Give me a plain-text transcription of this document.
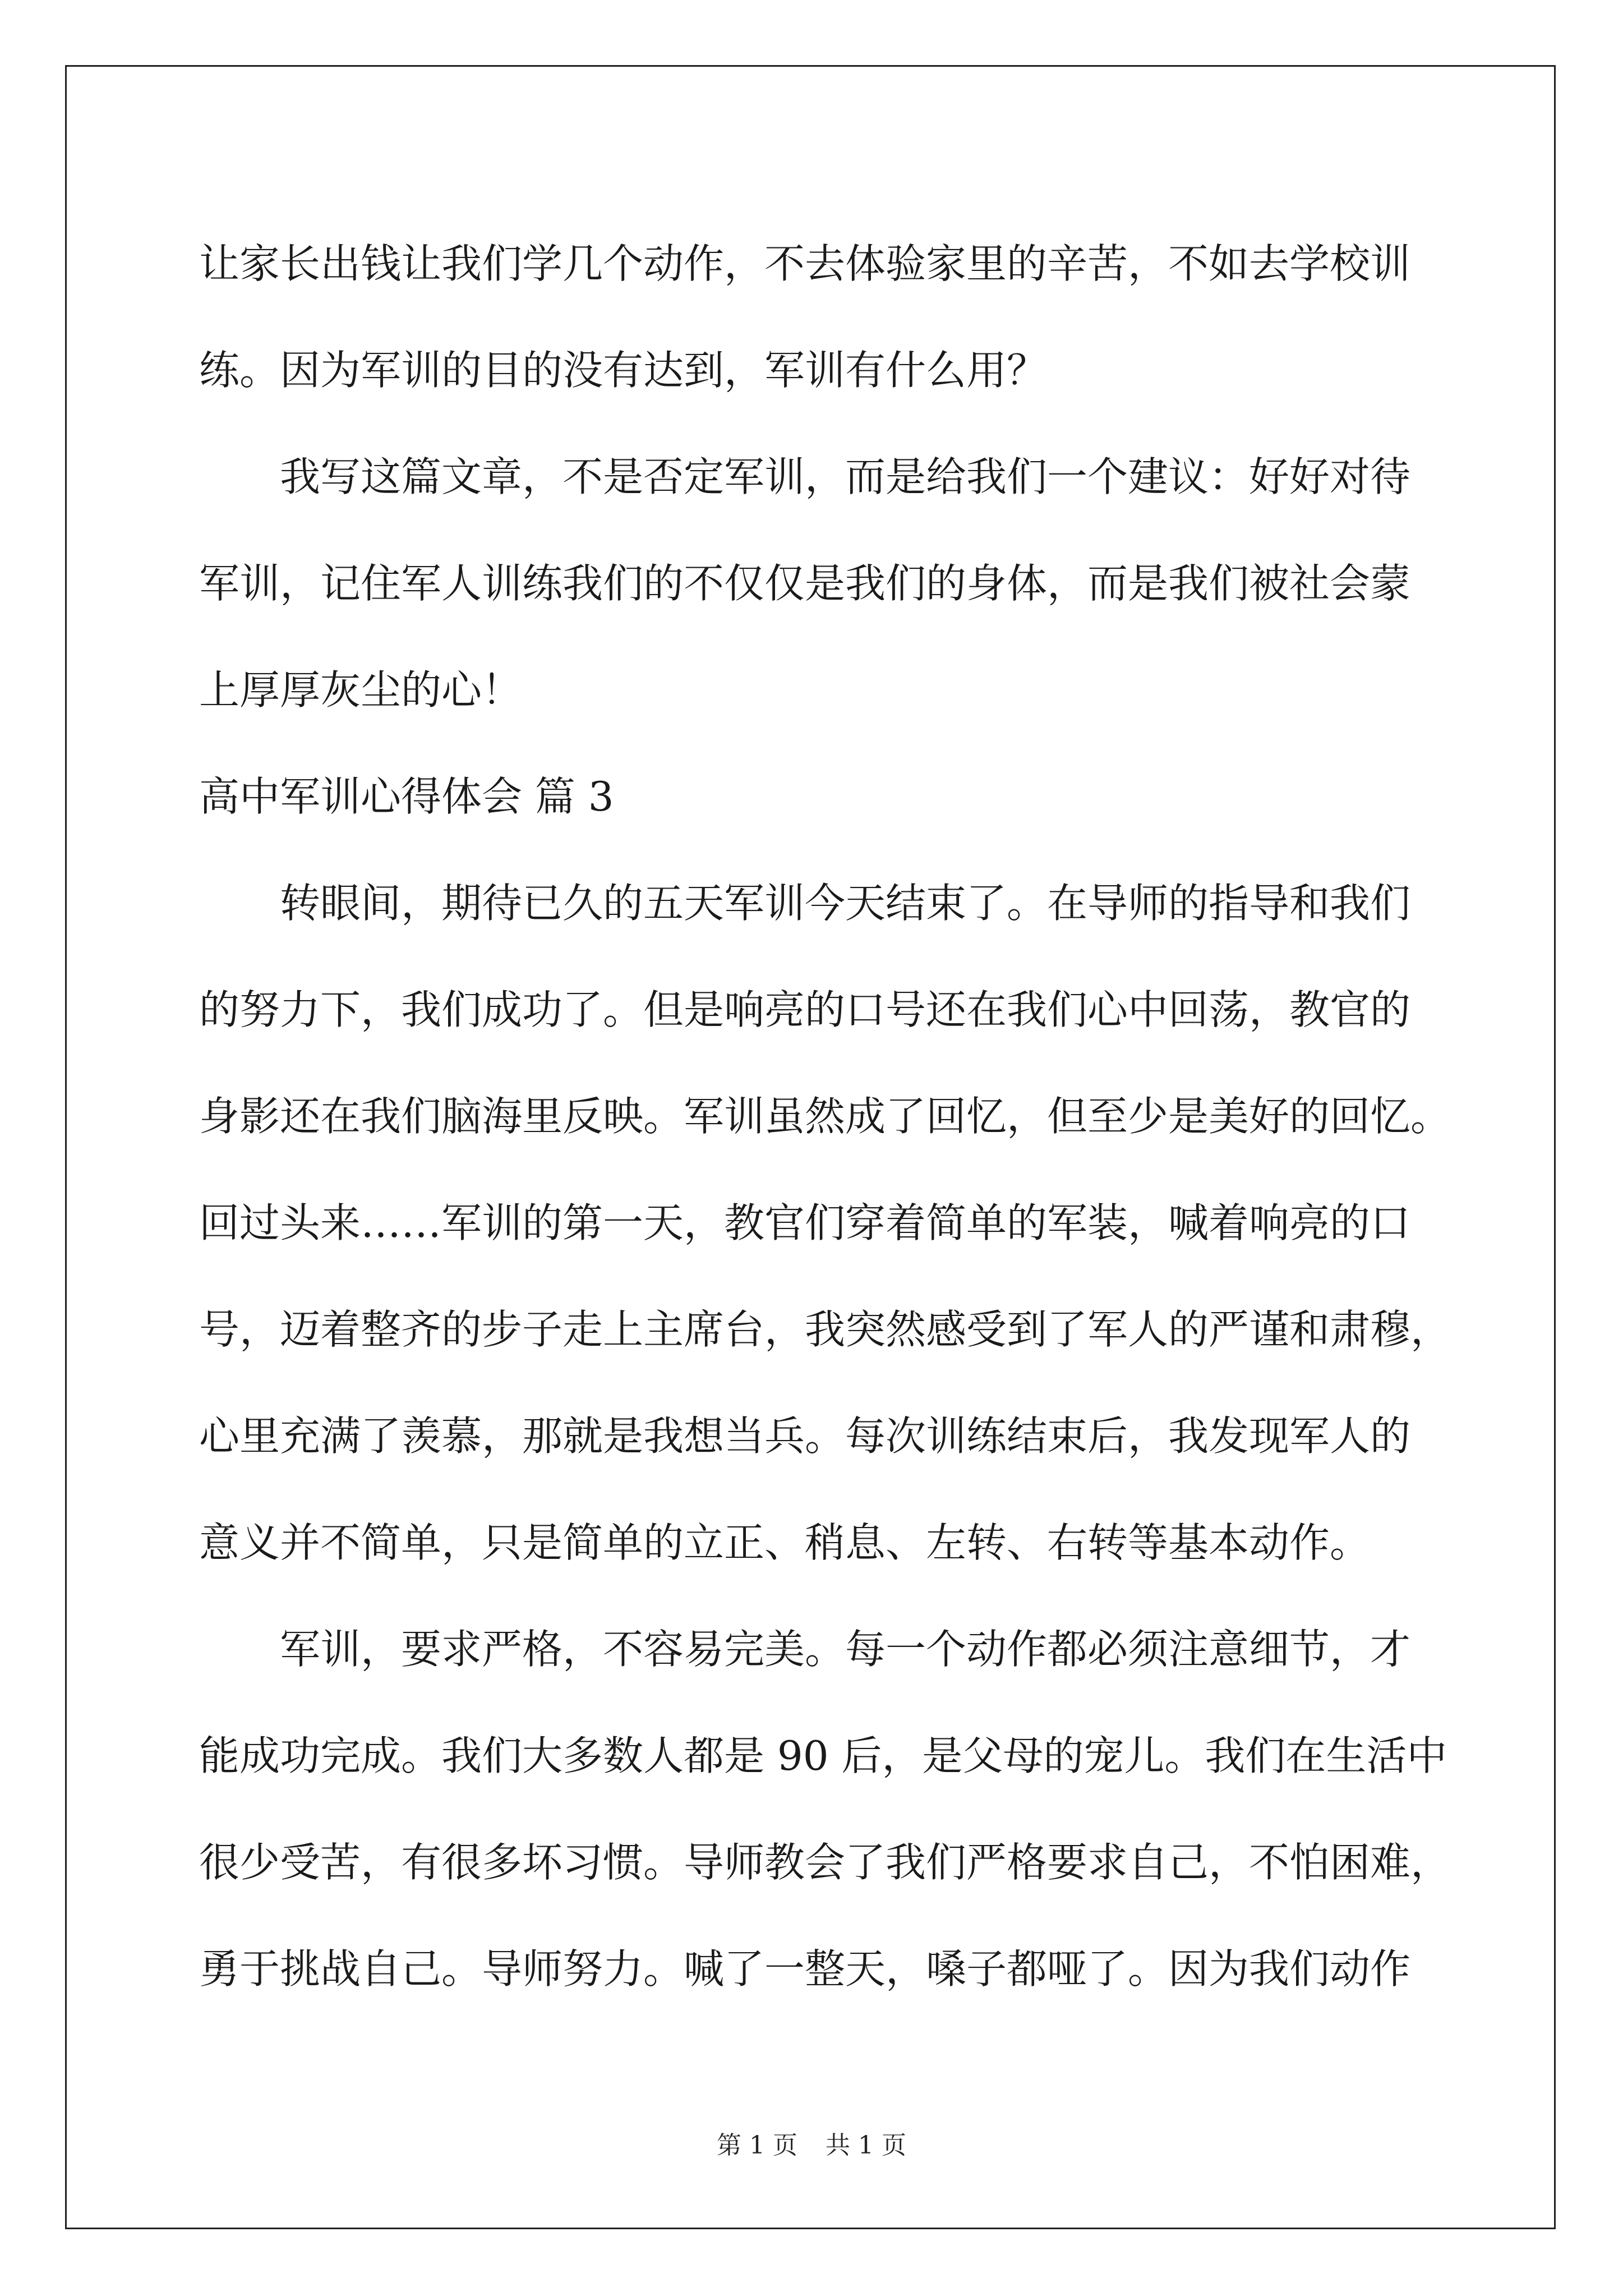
让家长出钱让我们学几个动作，不去体验家里的辛苦，不如去学校训
练。因为军训的目的没有达到，军训有什么用？
我写这篇文章，不是否定军训，而是给我们一个建议：好好对待
军训，记住军人训练我们的不仅仅是我们的身体，而是我们被社会蒙
上厚厚灰尘的心！
高中军训心得体会 篇 3
转眼间，期待已久的五天军训今天结束了。在导师的指导和我们
的努力下，我们成功了。但是响亮的口号还在我们心中回荡，教官的
身影还在我们脑海里反映。军训虽然成了回忆，但至少是美好的回忆。
回过头来……军训的第一天，教官们穿着简单的军装，喊着响亮的口
号，迈着整齐的步子走上主席台，我突然感受到了军人的严谨和肃穆，
心里充满了羡慕，那就是我想当兵。每次训练结束后，我发现军人的
意义并不简单，只是简单的立正、稍息、左转、右转等基本动作。
军训，要求严格，不容易完美。每一个动作都必须注意细节，才
能成功完成。我们大多数人都是 90 后，是父母的宠儿。我们在生活中
很少受苦，有很多坏习惯。导师教会了我们严格要求自己，不怕困难，
勇于挑战自己。导师努力。喊了一整天，嗓子都哑了。因为我们动作
第 1 页 共 1 页
